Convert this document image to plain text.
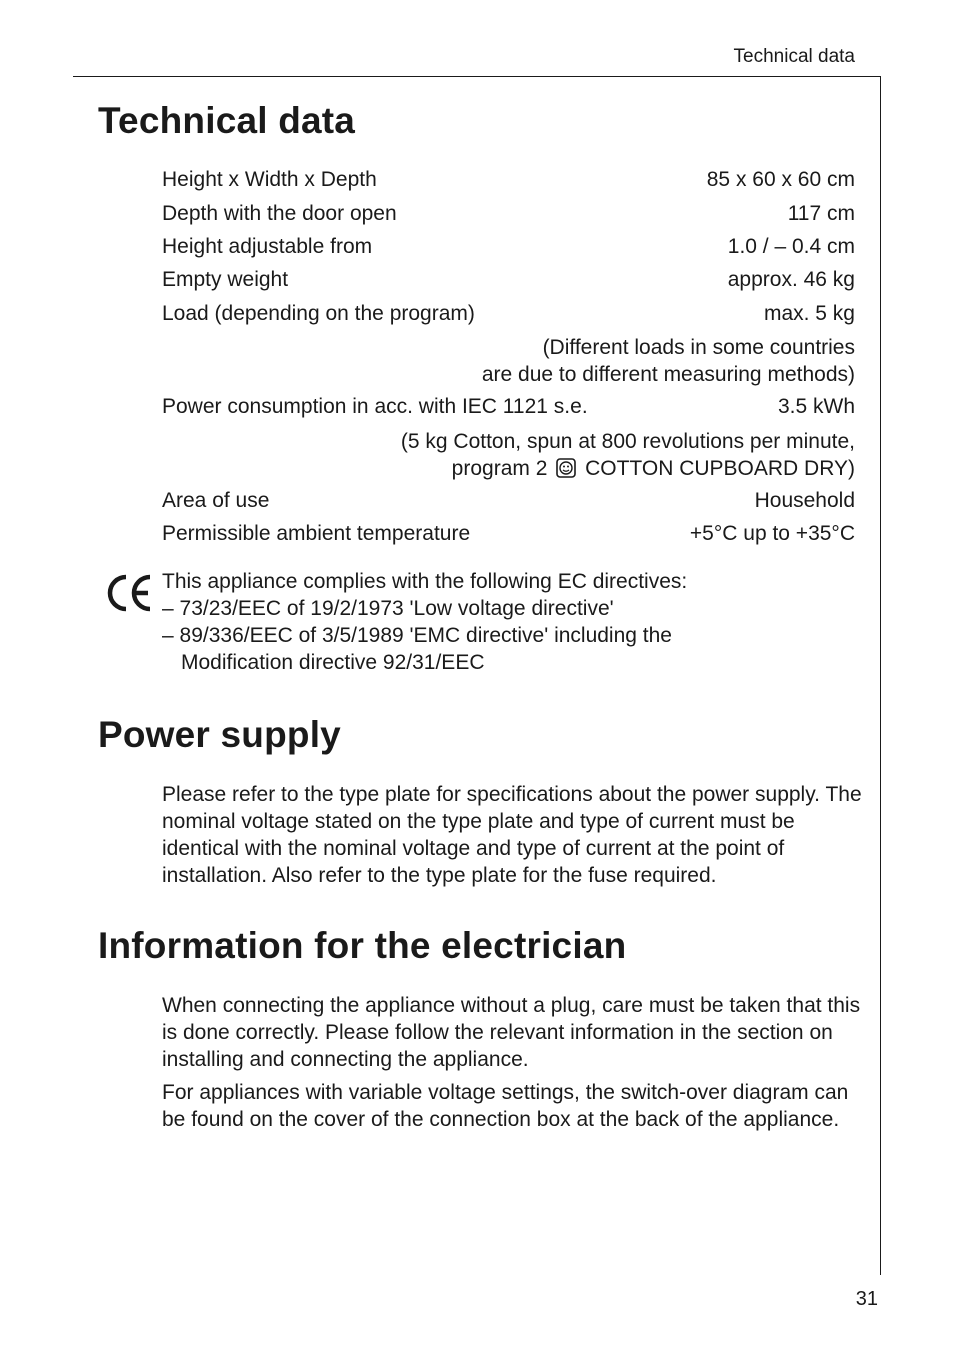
Technical data
Technical data
Height x Width x Depth	85 x 60 x 60 cm
Depth with the door open	117 cm
Height adjustable from	1.0 / – 0.4 cm
Empty weight	approx. 46 kg
Load (depending on the program)	max. 5 kg
(Different loads in some countries
are due to different measuring methods)
Power consumption in acc. with IEC 1121 s.e.	3.5 kWh
(5 kg Cotton, spun at 800 revolutions per minute,
program 2 COTTON CUPBOARD DRY)
Area of use	Household
Permissible ambient temperature	+5°C up to +35°C
This appliance complies with the following EC directives:
– 73/23/EEC of 19/2/1973 'Low voltage directive'
– 89/336/EEC of 3/5/1989 'EMC directive' including the Modification directive 92/31/EEC
Power supply
Please refer to the type plate for specifications about the power supply. The nominal voltage stated on the type plate and type of current must be identical with the nominal voltage and type of current at the point of installation. Also refer to the type plate for the fuse required.
Information for the electrician
When connecting the appliance without a plug, care must be taken that this is done correctly. Please follow the relevant information in the section on installing and connecting the appliance.
For appliances with variable voltage settings, the switch-over diagram can be found on the cover of the connection box at the back of the appliance.
31
